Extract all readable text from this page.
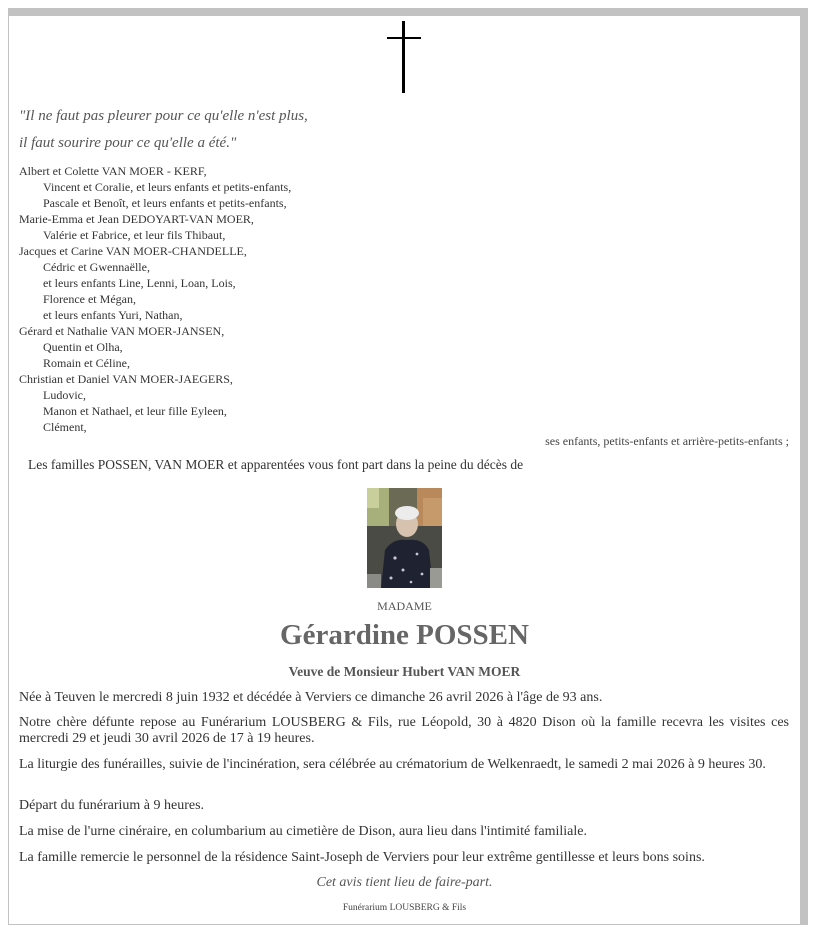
"Il ne faut pas pleurer pour ce qu'elle n'est plus,
il faut sourire pour ce qu'elle a été."
Albert et Colette VAN MOER - KERF,
Vincent et Coralie, et leurs enfants et petits-enfants,
Pascale et Benoît, et leurs enfants et petits-enfants,
Marie-Emma et Jean DEDOYART-VAN MOER,
Valérie et Fabrice, et leur fils Thibaut,
Jacques et Carine VAN MOER-CHANDELLE,
Cédric et Gwennaëlle,
et leurs enfants Line, Lenni, Loan, Lois,
Florence et Mégan,
et leurs enfants Yuri, Nathan,
Gérard et Nathalie VAN MOER-JANSEN,
Quentin et Olha,
Romain et Céline,
Christian et Daniel VAN MOER-JAEGERS,
Ludovic,
Manon et Nathael, et leur fille Eyleen,
Clément,
ses enfants, petits-enfants et arrière-petits-enfants ;
Les familles POSSEN, VAN MOER et apparentées vous font part dans la peine du décès de
MADAME
Gérardine POSSEN
Veuve de Monsieur Hubert VAN MOER
Née à Teuven le mercredi 8 juin 1932 et décédée à Verviers ce dimanche 26 avril 2026 à l'âge de 93 ans.
Notre chère défunte repose au Funérarium LOUSBERG & Fils, rue Léopold, 30 à 4820 Dison où la famille recevra les visites ces mercredi 29 et jeudi 30 avril 2026 de 17 à 19 heures.
La liturgie des funérailles, suivie de l'incinération, sera célébrée au crématorium de Welkenraedt, le samedi 2 mai 2026 à 9 heures 30.
Départ du funérarium à 9 heures.
La mise de l'urne cinéraire, en columbarium au cimetière de Dison, aura lieu dans l'intimité familiale.
La famille remercie le personnel de la résidence Saint-Joseph de Verviers pour leur extrême gentillesse et leurs bons soins.
Cet avis tient lieu de faire-part.
Funérarium LOUSBERG & Fils
